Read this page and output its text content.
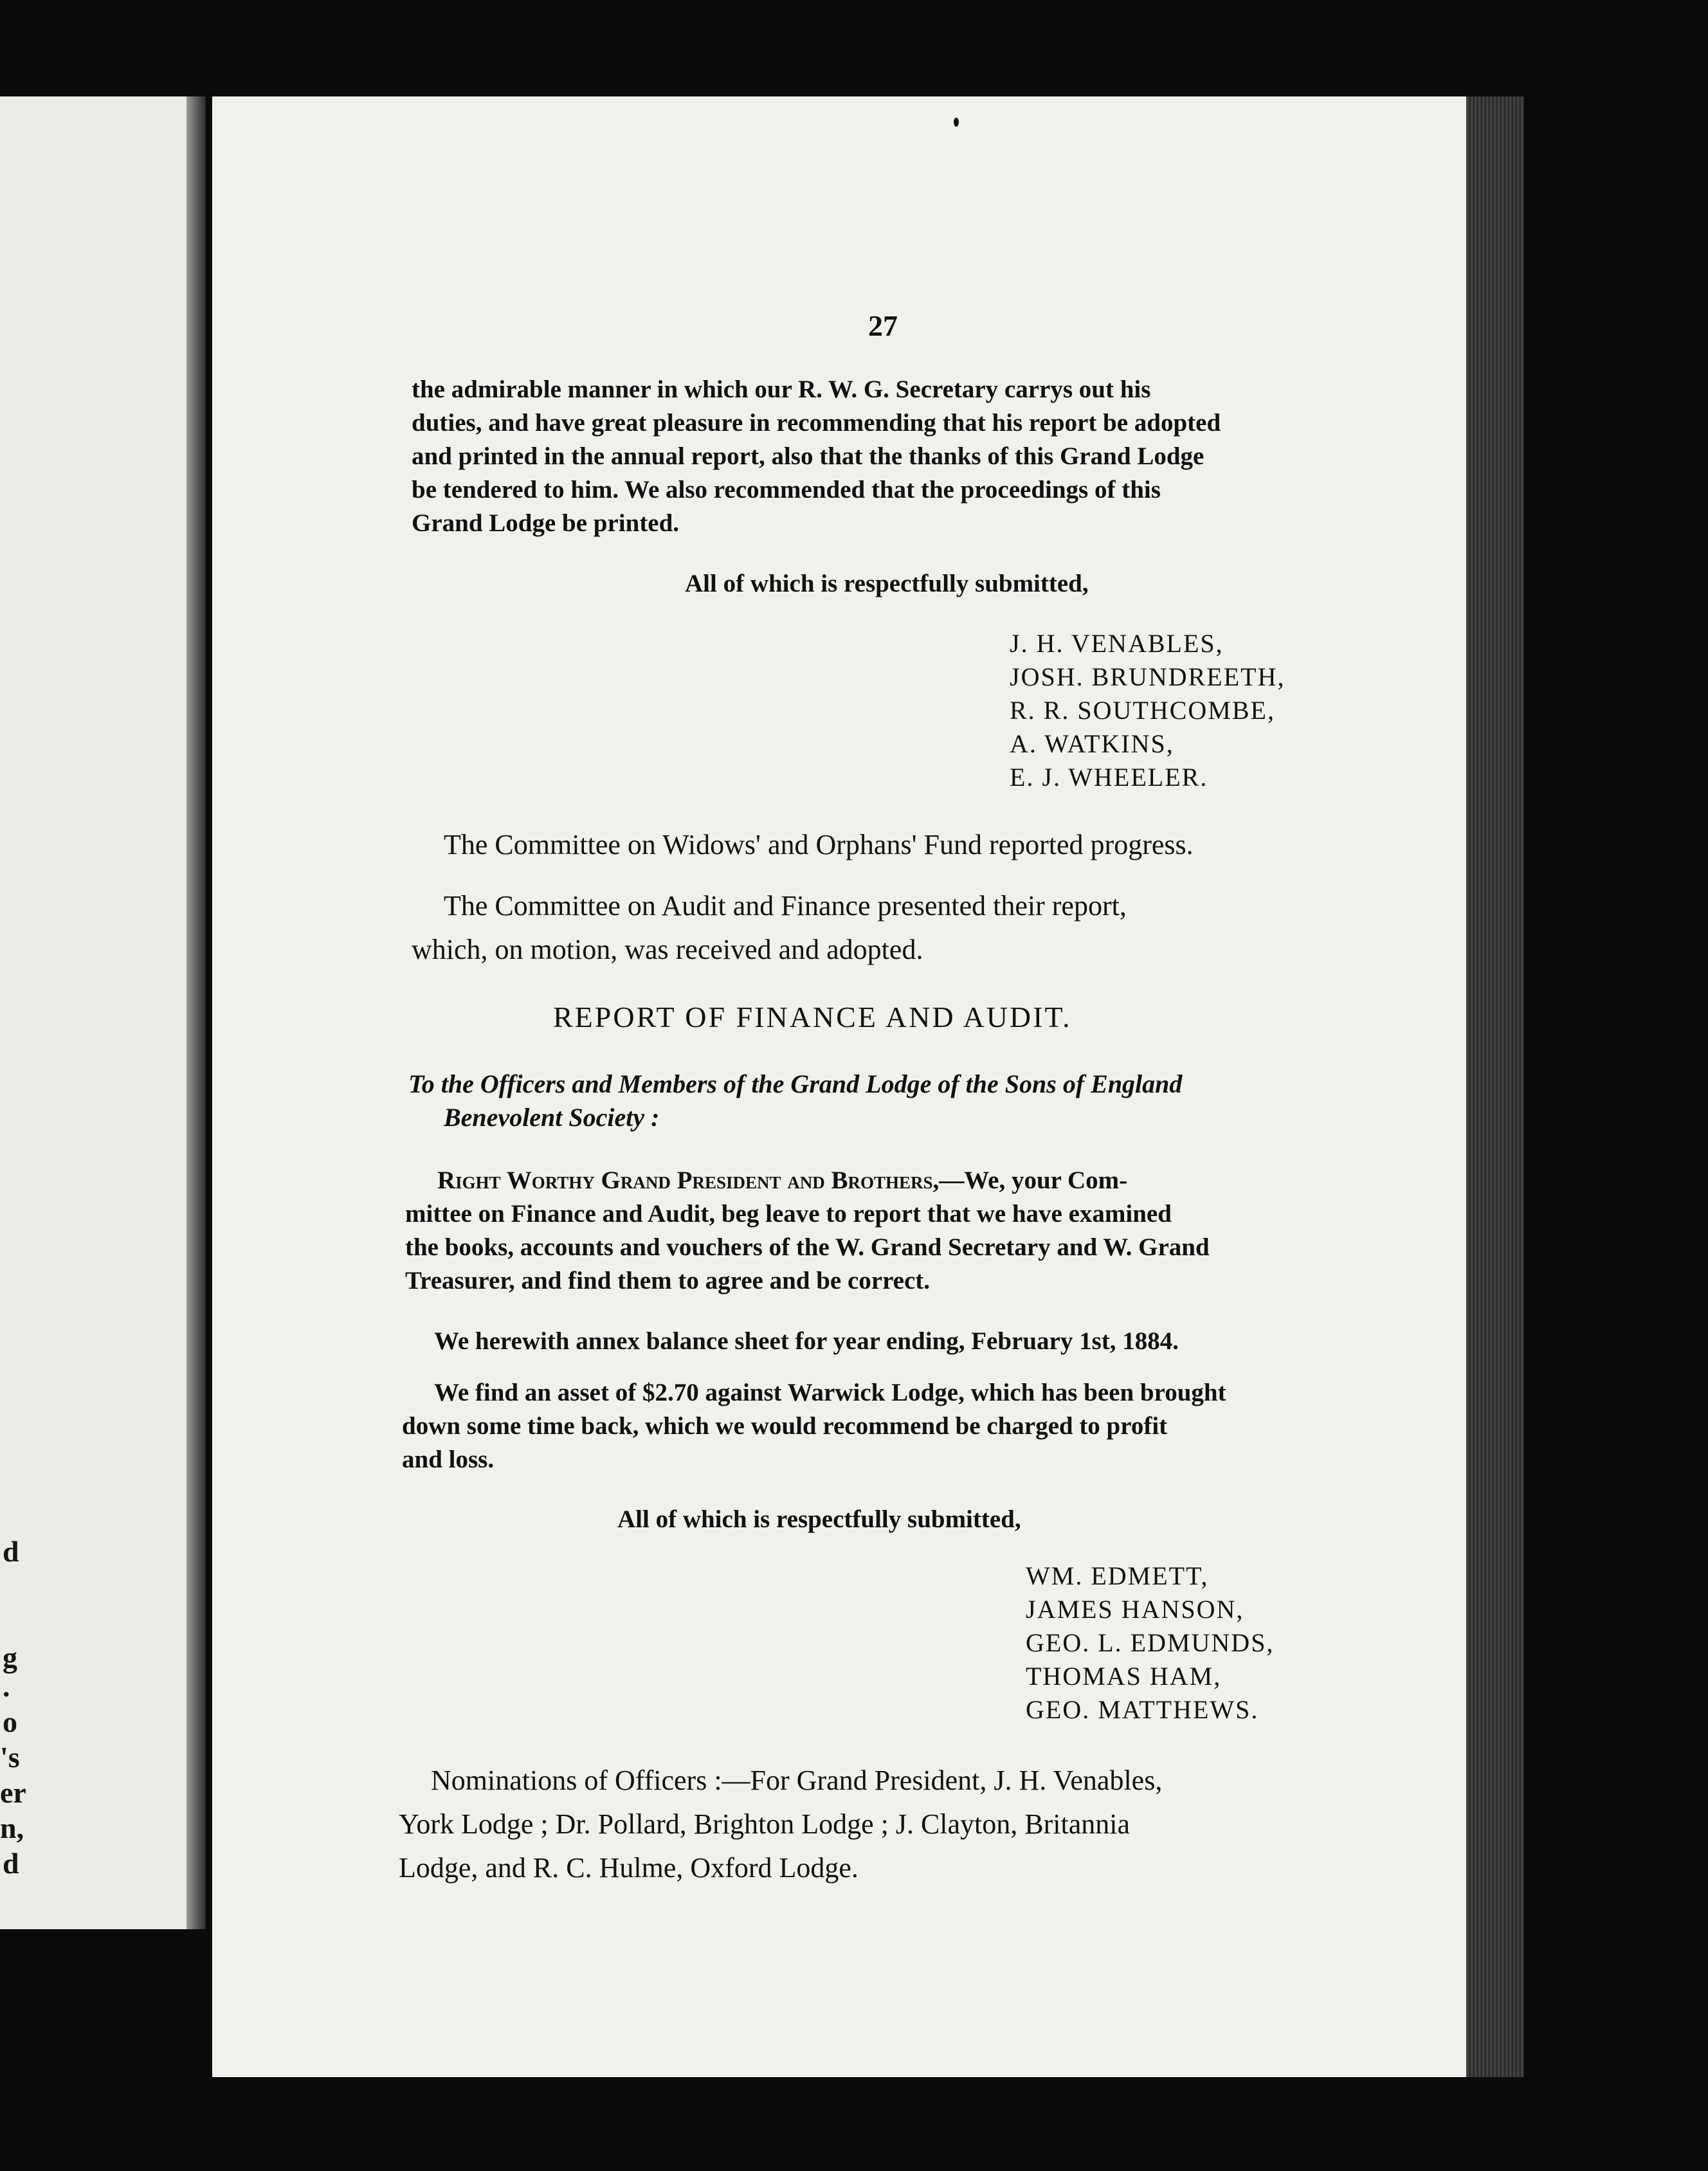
d
g
.
o
's
er
n,
d
27

the admirable manner in which our R. W. G. Secretary carrys out his
duties, and have great pleasure in recommending that his report be adopted
and printed in the annual report, also that the thanks of this Grand Lodge
be tendered to him. We also recommended that the proceedings of this
Grand Lodge be printed.

All of which is respectfully submitted,
J. H. VENABLES,
JOSH. BRUNDREETH,
R. R. SOUTHCOMBE,
A. WATKINS,
E. J. WHEELER.

The Committee on Widows' and Orphans' Fund reported progress.

The Committee on Audit and Finance presented their report,
which, on motion, was received and adopted.

REPORT OF FINANCE AND AUDIT.
To the Officers and Members of the Grand Lodge of the Sons of England
Benevolent Society :

Right Worthy Grand President and Brothers,—We, your Com-
mittee on Finance and Audit, beg leave to report that we have examined
the books, accounts and vouchers of the W. Grand Secretary and W. Grand
Treasurer, and find them to agree and be correct.

We herewith annex balance sheet for year ending, February 1st, 1884.

We find an asset of $2.70 against Warwick Lodge, which has been brought
down some time back, which we would recommend be charged to profit
and loss.

All of which is respectfully submitted,
WM. EDMETT,
JAMES HANSON,
GEO. L. EDMUNDS,
THOMAS HAM,
GEO. MATTHEWS.

Nominations of Officers :—For Grand President, J. H. Venables,
York Lodge ; Dr. Pollard, Brighton Lodge ; J. Clayton, Britannia
Lodge, and R. C. Hulme, Oxford Lodge.
